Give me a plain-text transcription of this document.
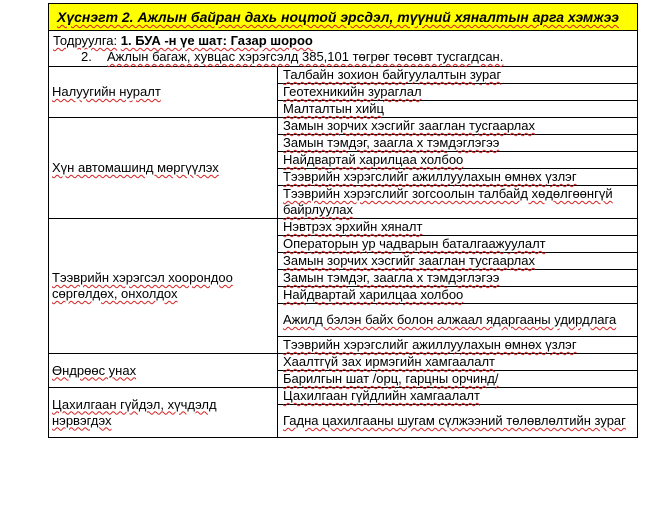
Хүснэгт 2. Ажлын байран дахь ноцтой эрсдэл, түүний хяналтын арга хэмжээ	

Тодруулга: 1. БУА -н үе шат: Газар шороо
2. Ажлын багаж, хувцас хэрэгсэлд 385,101 төгрөг төсөвт тусгагдсан.	

Налуугийн нуралт	Талбайн зохион байгуулалтын зураг
	Геотехникийн зураглал
	Малталтын хийц
Хүн автомашинд мөргүүлэх	Замын зорчих хэсгийг зааглан тусгаарлах
	Замын тэмдэг, заагла х тэмдэглэгээ
	Найдвартай харилцаа холбоо
	Тээврийн хэрэгслийг ажиллуулахын өмнөх үзлэг
	Тээврийн хэрэгслийг зогсоолын талбайд хөдөлгөөнгүй байрлуулах
Тээврийн хэрэгсэл хоорондоо сөргөлдөх, онхолдох	Нэвтрэх эрхийн хяналт
	Операторын ур чадварын баталгаажуулалт
	Замын зорчих хэсгийг зааглан тусгаарлах
	Замын тэмдэг, заагла х тэмдэглэгээ
	Найдвартай харилцаа холбоо
	Ажилд бэлэн байх болон алжаал ядаргааны удирдлага
	Тээврийн хэрэгслийг ажиллуулахын өмнөх үзлэг
Өндрөөс унах	Хаалтгүй зах ирмэгийн хамгаалалт
	Барилгын шат /орц, гарцны орчинд/
Цахилгаан гүйдэл, хүчдэлд нэрвэгдэх	Цахилгаан гүйдлийн хамгаалалт
	Гадна цахилгааны шугам сүлжээний төлөвлөлтийн зураг
